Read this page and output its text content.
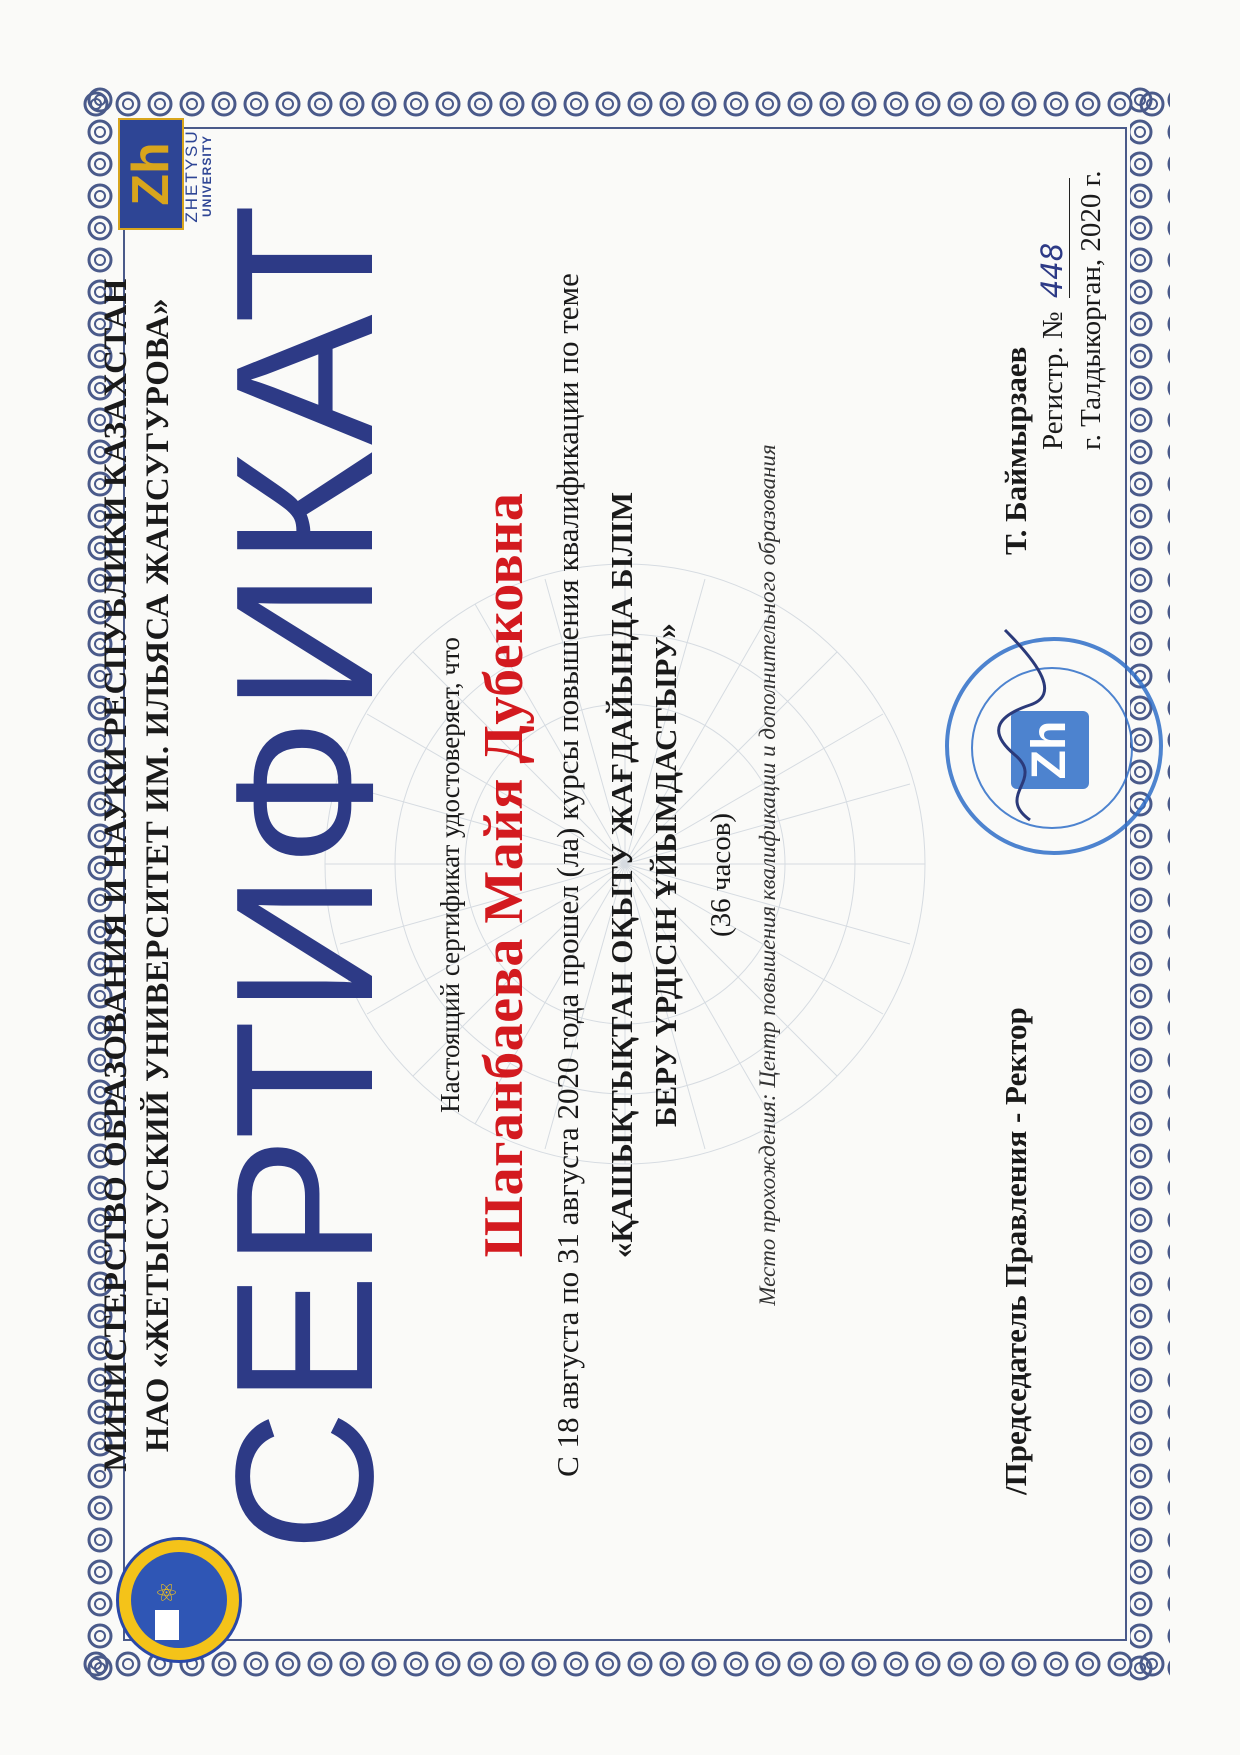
⚛
Zh ZHETYSU UNIVERSITY
МИНИСТЕРСТВО ОБРАЗОВАНИЯ И НАУКИ РЕСПУБЛИКИ КАЗАХСТАН НАО «ЖЕТЫСУСКИЙ УНИВЕРСИТЕТ ИМ. ИЛЬЯСА ЖАНСУГУРОВА» СЕРТИФИКАТ Настоящий сертификат удостоверяет, что Шаганбаева Майя Дубековна С 18 августа по 31 августа 2020 года прошел (ла) курсы повышения квалификации по теме «ҚАШЫҚТЫҚТАН ОҚЫТУ ЖАҒДАЙЫНДА БІЛІМ БЕРУ ҮРДІСІН ҰЙЫМДАСТЫРУ» (36 часов) Место прохождения: Центр повышения квалификации и дополнительного образования	/Председатель Правления - Ректор
Zh
Т. Баймырзаев Регистр. № 448 г. Талдыкорган, 2020 г.
